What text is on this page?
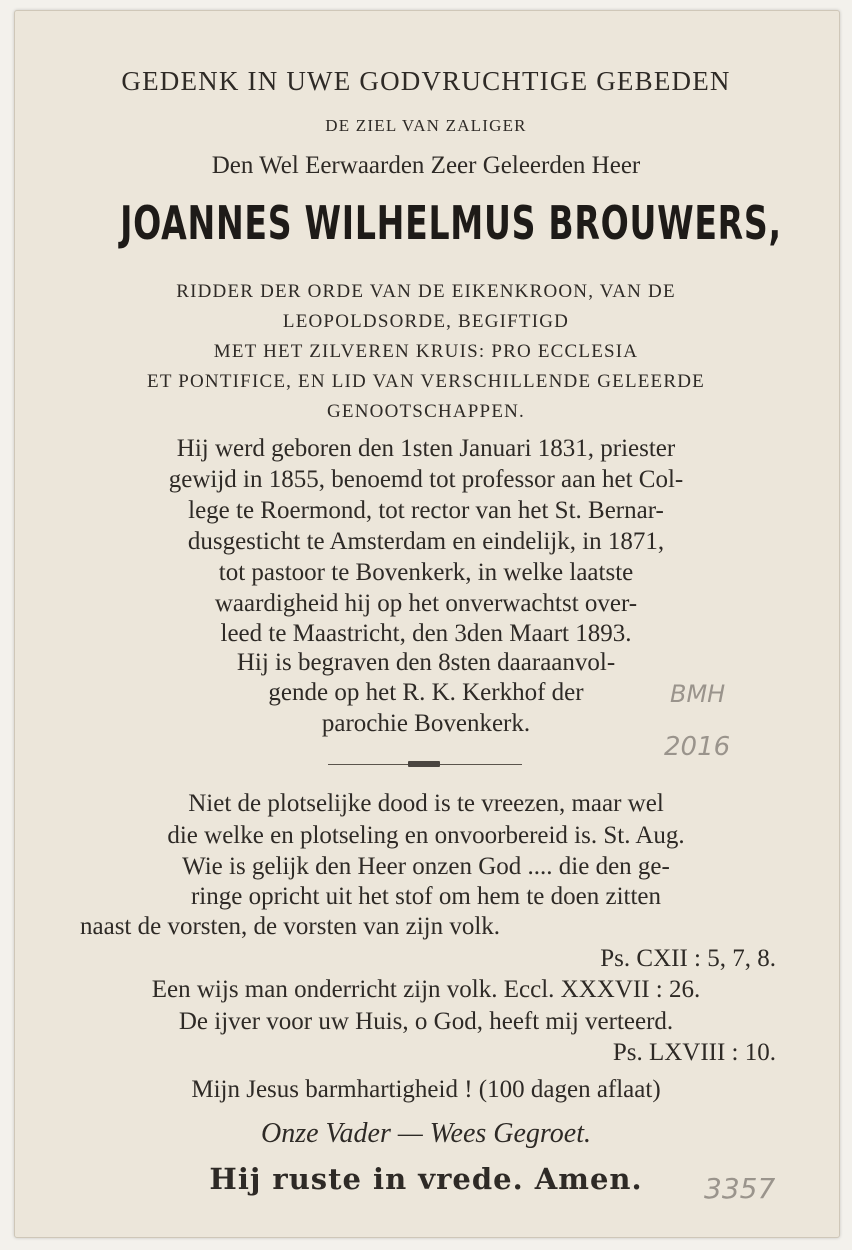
GEDENK IN UWE GODVRUCHTIGE GEBEDEN
DE ZIEL VAN ZALIGER
Den Wel Eerwaarden Zeer Geleerden Heer
JOANNES WILHELMUS BROUWERS,
RIDDER DER ORDE VAN DE EIKENKROON, VAN DE
LEOPOLDSORDE, BEGIFTIGD
MET HET ZILVEREN KRUIS: PRO ECCLESIA
ET PONTIFICE, EN LID VAN VERSCHILLENDE GELEERDE
GENOOTSCHAPPEN.
Hij werd geboren den 1sten Januari 1831, priester
gewijd in 1855, benoemd tot professor aan het Col-
lege te Roermond, tot rector van het St. Bernar-
dusgesticht te Amsterdam en eindelijk, in 1871,
tot pastoor te Bovenkerk, in welke laatste
waardigheid hij op het onverwachtst over-
leed te Maastricht, den 3den Maart 1893.
Hij is begraven den 8sten daaraanvol-
gende op het R. K. Kerkhof der
parochie Bovenkerk.
BMH
2016
Niet de plotselijke dood is te vreezen, maar wel
die welke en plotseling en onvoorbereid is. St. Aug.
Wie is gelijk den Heer onzen God .... die den ge-
ringe opricht uit het stof om hem te doen zitten
naast de vorsten, de vorsten van zijn volk.
Ps. CXII : 5, 7, 8.
Een wijs man onderricht zijn volk. Eccl. XXXVII : 26.
De ijver voor uw Huis, o God, heeft mij verteerd.
Ps. LXVIII : 10.
Mijn Jesus barmhartigheid ! (100 dagen aflaat)
Onze Vader — Wees Gegroet.
Hij ruste in vrede. Amen.	3357
